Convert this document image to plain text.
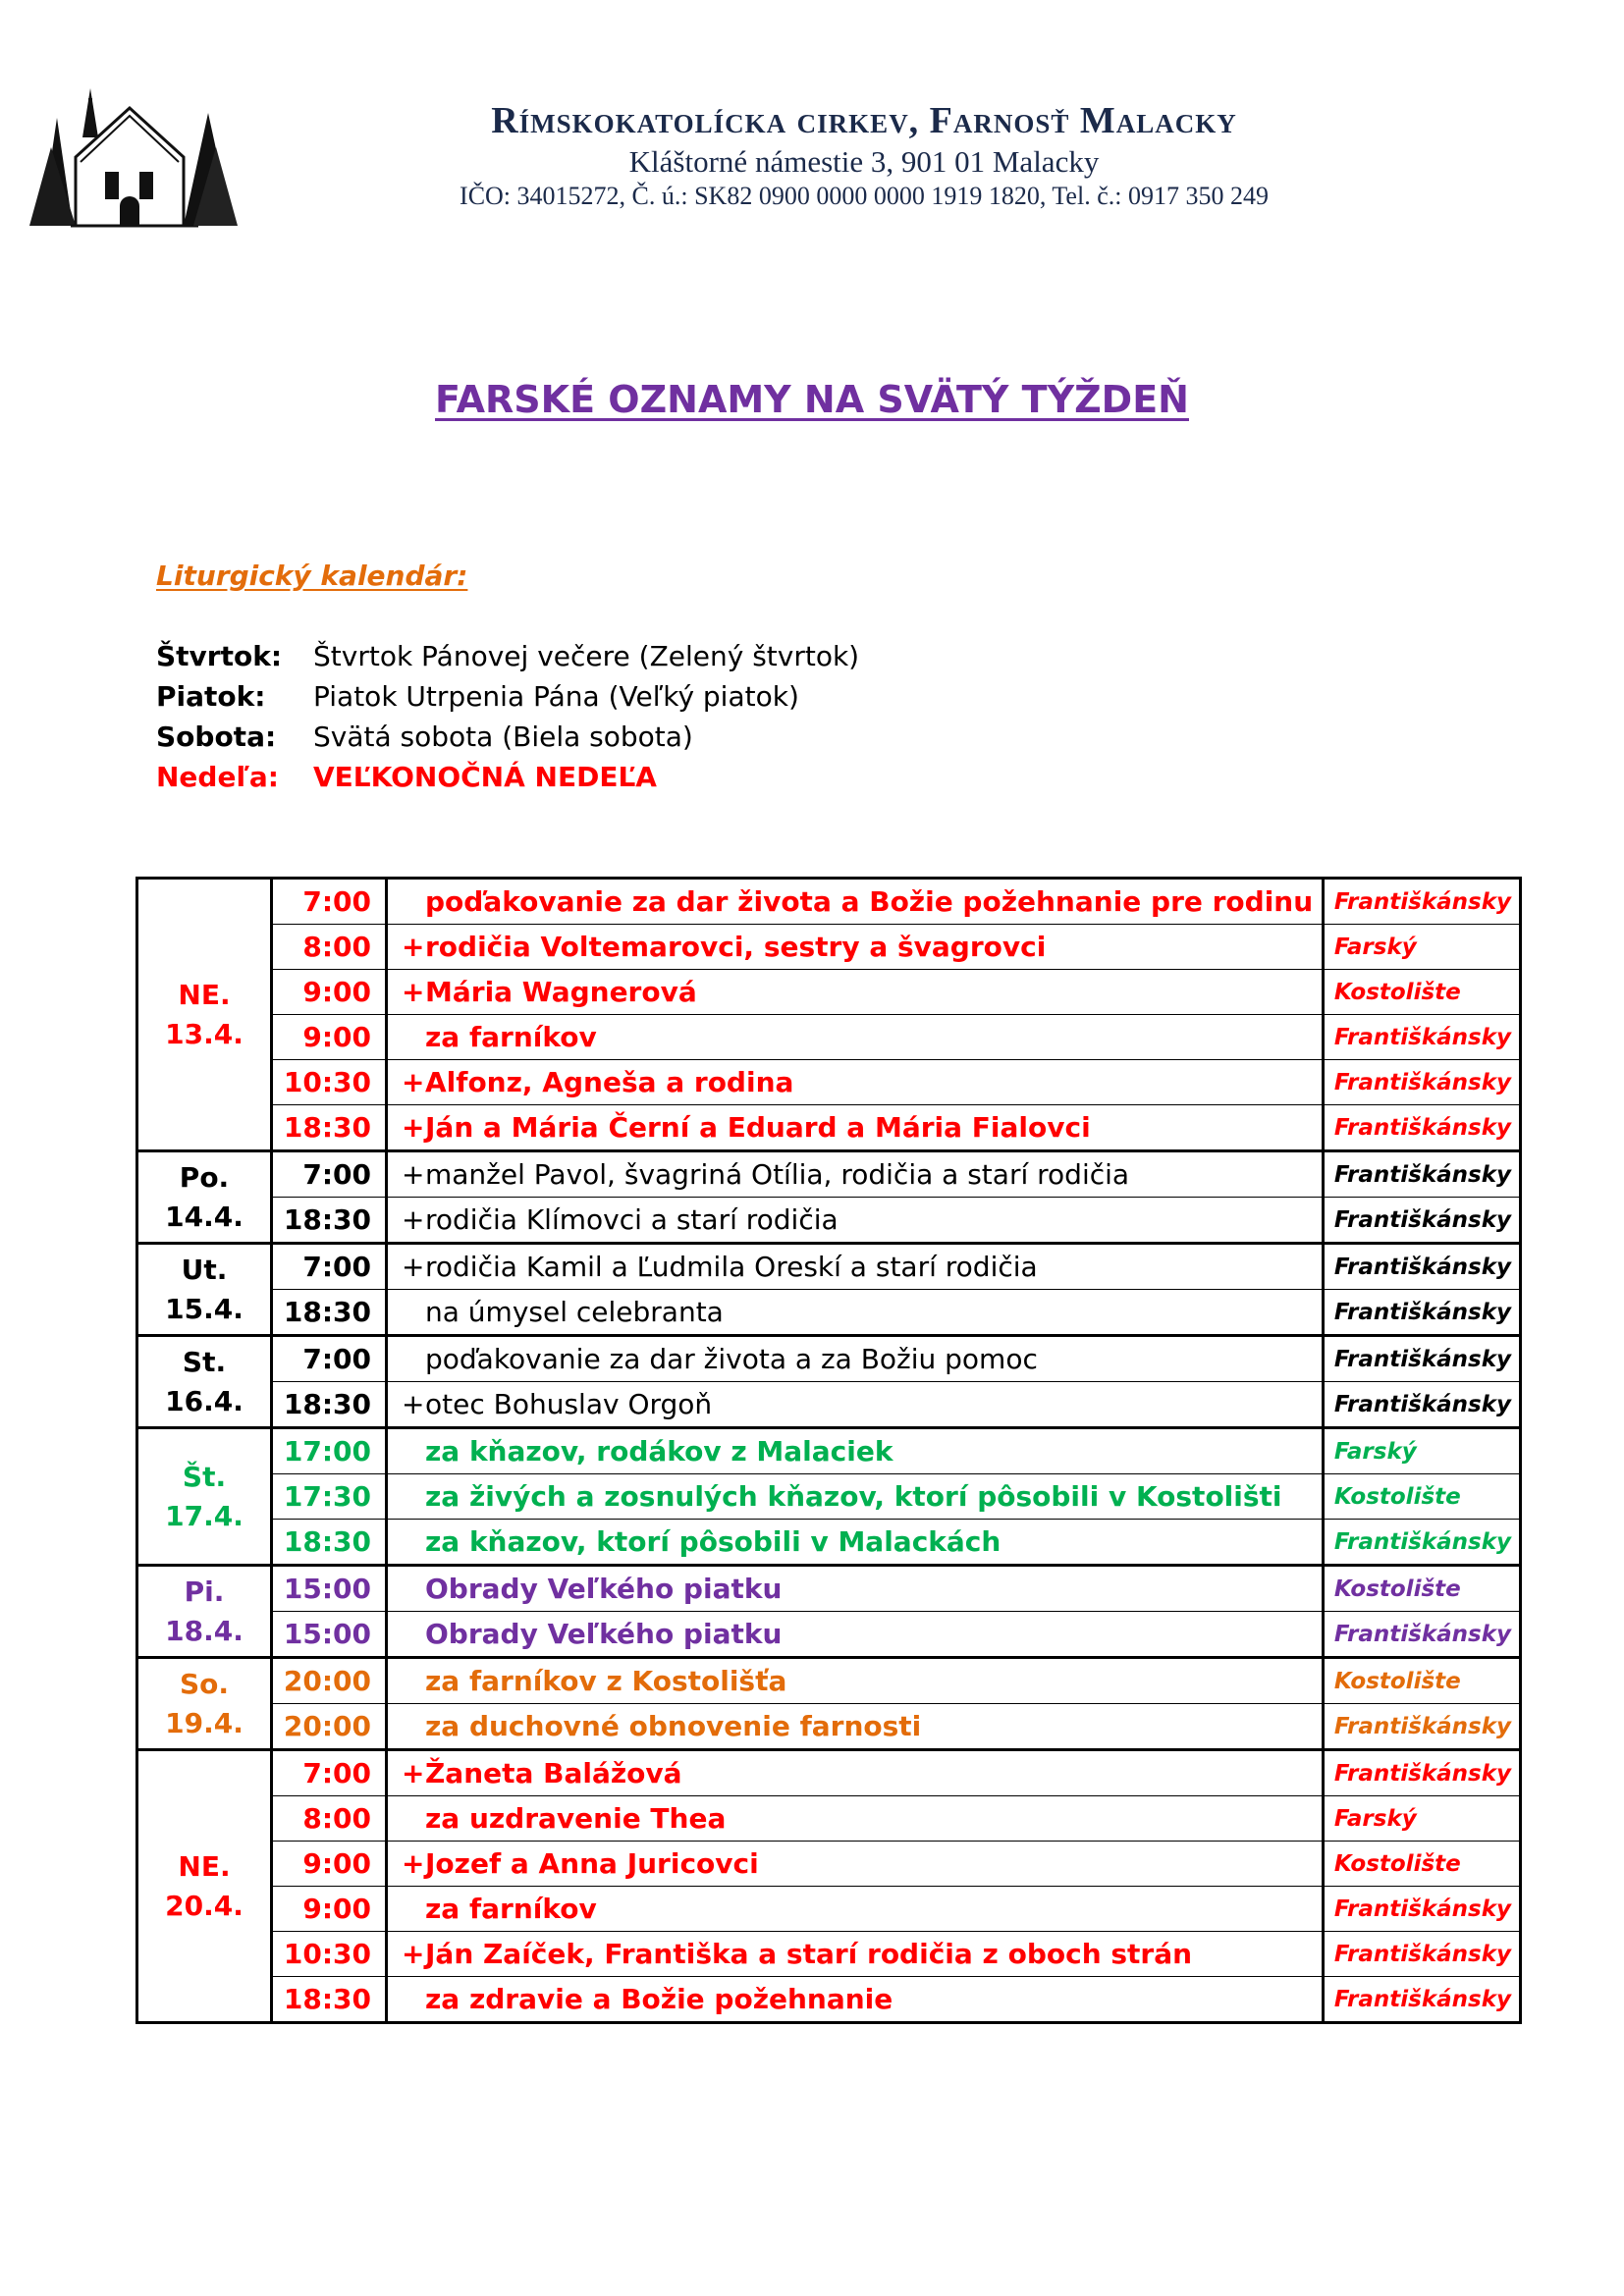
Rímskokatolícka cirkev, Farnosť Malacky
Kláštorné námestie 3, 901 01 Malacky
IČO: 34015272, Č. ú.: SK82 0900 0000 0000 1919 1820, Tel. č.: 0917 350 249
FARSKÉ OZNAMY NA SVÄTÝ TÝŽDEŇ
Liturgický kalendár:
Štvrtok:	Štvrtok Pánovej večere (Zelený štvrtok)
Piatok:	Piatok Utrpenia Pána (Veľký piatok)
Sobota:	Svätá sobota (Biela sobota)
Nedeľa:	VEĽKONOČNÁ NEDEĽA
NE.
13.4.	7:00	poďakovanie za dar života a Božie požehnanie pre rodinu	Františkánsky
	8:00	+rodičia Voltemarovci, sestry a švagrovci	Farský
	9:00	+Mária Wagnerová	Kostolište
	9:00	za farníkov	Františkánsky
	10:30	+Alfonz, Agneša a rodina	Františkánsky
	18:30	+Ján a Mária Černí a Eduard a Mária Fialovci	Františkánsky

Po.
14.4.	7:00	+manžel Pavol, švagriná Otília, rodičia a starí rodičia	Františkánsky
	18:30	+rodičia Klímovci a starí rodičia	Františkánsky

Ut.
15.4.	7:00	+rodičia Kamil a Ľudmila Oreskí a starí rodičia	Františkánsky
	18:30	na úmysel celebranta	Františkánsky

St.
16.4.	7:00	poďakovanie za dar života a za Božiu pomoc	Františkánsky
	18:30	+otec Bohuslav Orgoň	Františkánsky

Št.
17.4.	17:00	za kňazov, rodákov z Malaciek	Farský
	17:30	za živých a zosnulých kňazov, ktorí pôsobili v Kostolišti	Kostolište
	18:30	za kňazov, ktorí pôsobili v Malackách	Františkánsky

Pi.
18.4.	15:00	Obrady Veľkého piatku	Kostolište
	15:00	Obrady Veľkého piatku	Františkánsky

So.
19.4.	20:00	za farníkov z Kostolišťa	Kostolište
	20:00	za duchovné obnovenie farnosti	Františkánsky

NE.
20.4.	7:00	+Žaneta Balážová	Františkánsky
	8:00	za uzdravenie Thea	Farský
	9:00	+Jozef a Anna Juricovci	Kostolište
	9:00	za farníkov	Františkánsky
	10:30	+Ján Zaíček, Františka a starí rodičia z oboch strán	Františkánsky
	18:30	za zdravie a Božie požehnanie	Františkánsky
